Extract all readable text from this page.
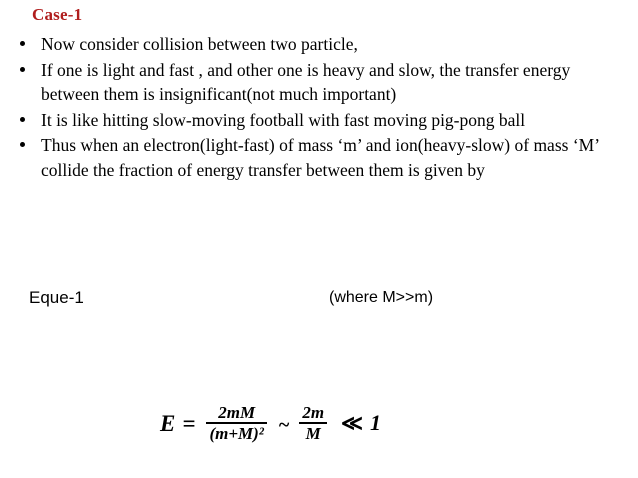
Case-1
Now consider collision between two particle,
If one is light and fast , and other one is heavy and slow, the transfer energy between them is insignificant(not much important)
It is like hitting slow-moving football with fast moving pig-pong ball
Thus when an electron(light-fast) of mass ‘m’ and ion(heavy-slow) of mass ‘M’ collide the fraction of energy transfer between them is given by
Eque-1	(where M>>m)
$E = \frac{2mM}{\text{(m+M)²}}$ ~ $\frac{2m}{M}$ ≪ 1
